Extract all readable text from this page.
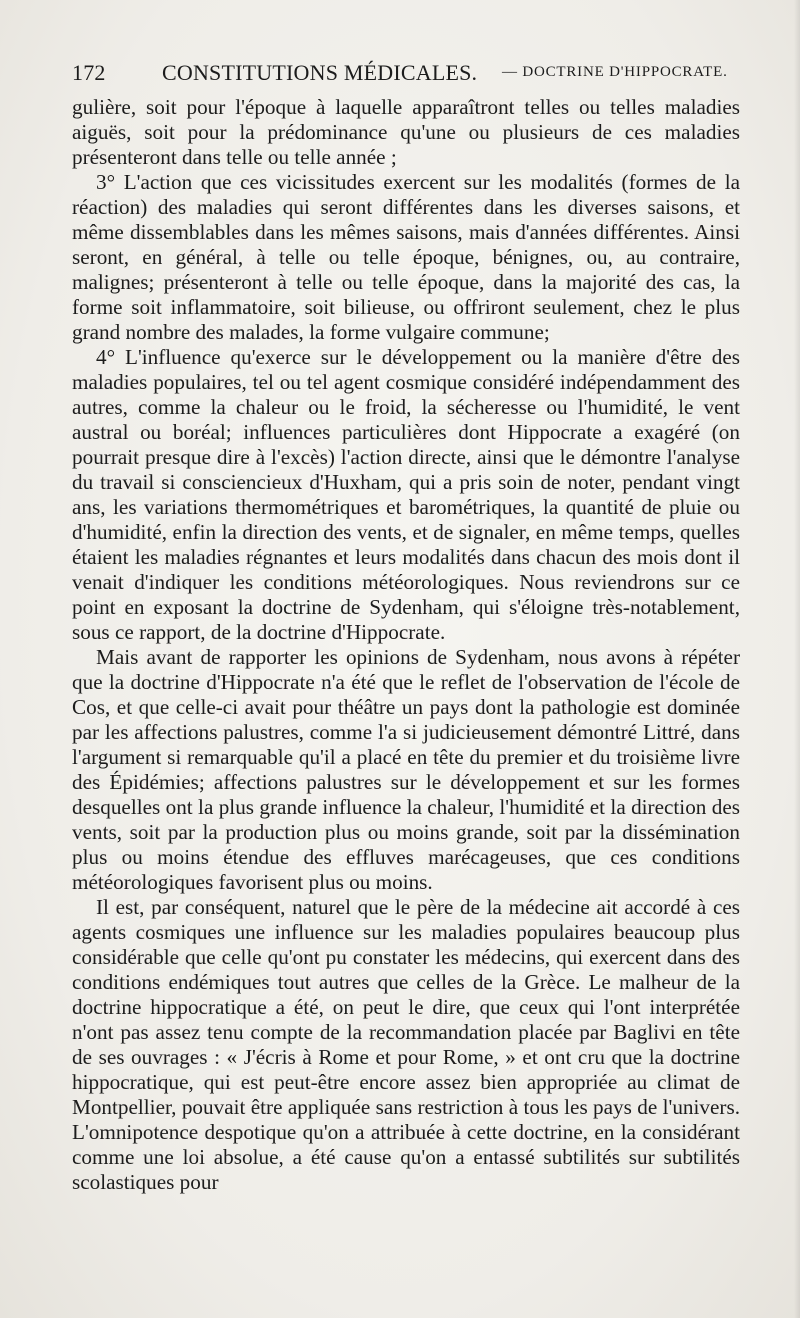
172	CONSTITUTIONS MÉDICALES. — DOCTRINE D'HIPPOCRATE.

gulière, soit pour l'époque à laquelle apparaîtront telles ou telles maladies aiguës, soit pour la prédominance qu'une ou plusieurs de ces maladies présenteront dans telle ou telle année ;

3° L'action que ces vicissitudes exercent sur les modalités (formes de la réaction) des maladies qui seront différentes dans les diverses saisons, et même dissemblables dans les mêmes saisons, mais d'années différentes. Ainsi seront, en général, à telle ou telle époque, bénignes, ou, au contraire, malignes; présenteront à telle ou telle époque, dans la majorité des cas, la forme soit inflammatoire, soit bilieuse, ou offriront seulement, chez le plus grand nombre des malades, la forme vulgaire commune;

4° L'influence qu'exerce sur le développement ou la manière d'être des maladies populaires, tel ou tel agent cosmique considéré indépendamment des autres, comme la chaleur ou le froid, la sécheresse ou l'humidité, le vent austral ou boréal; influences particulières dont Hippocrate a exagéré (on pourrait presque dire à l'excès) l'action directe, ainsi que le démontre l'analyse du travail si consciencieux d'Huxham, qui a pris soin de noter, pendant vingt ans, les variations thermométriques et barométriques, la quantité de pluie ou d'humidité, enfin la direction des vents, et de signaler, en même temps, quelles étaient les maladies régnantes et leurs modalités dans chacun des mois dont il venait d'indiquer les conditions météorologiques. Nous reviendrons sur ce point en exposant la doctrine de Sydenham, qui s'éloigne très-notablement, sous ce rapport, de la doctrine d'Hippocrate.

Mais avant de rapporter les opinions de Sydenham, nous avons à répéter que la doctrine d'Hippocrate n'a été que le reflet de l'observation de l'école de Cos, et que celle-ci avait pour théâtre un pays dont la pathologie est dominée par les affections palustres, comme l'a si judicieusement démontré Littré, dans l'argument si remarquable qu'il a placé en tête du premier et du troisième livre des Épidémies; affections palustres sur le développement et sur les formes desquelles ont la plus grande influence la chaleur, l'humidité et la direction des vents, soit par la production plus ou moins grande, soit par la dissémination plus ou moins étendue des effluves marécageuses, que ces conditions météorologiques favorisent plus ou moins.

Il est, par conséquent, naturel que le père de la médecine ait accordé à ces agents cosmiques une influence sur les maladies populaires beaucoup plus considérable que celle qu'ont pu constater les médecins, qui exercent dans des conditions endémiques tout autres que celles de la Grèce. Le malheur de la doctrine hippocratique a été, on peut le dire, que ceux qui l'ont interprétée n'ont pas assez tenu compte de la recommandation placée par Baglivi en tête de ses ouvrages : « J'écris à Rome et pour Rome, » et ont cru que la doctrine hippocratique, qui est peut-être encore assez bien appropriée au climat de Montpellier, pouvait être appliquée sans restriction à tous les pays de l'univers. L'omnipotence despotique qu'on a attribuée à cette doctrine, en la considérant comme une loi absolue, a été cause qu'on a entassé subtilités sur subtilités scolastiques pour
